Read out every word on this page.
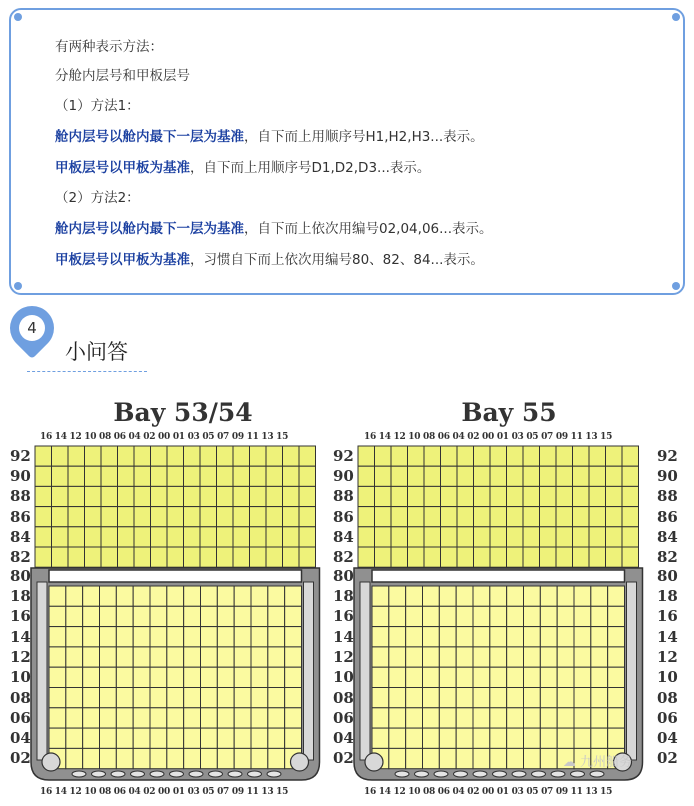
有两种表示方法：
分舱内层号和甲板层号
（1）方法1：
舱内层号以舱内最下一层为基准，自下而上用顺序号H1,H2,H3...表示。
甲板层号以甲板为基准，自下而上用顺序号D1,D2,D3...表示。
（2）方法2：
舱内层号以舱内最下一层为基准，自下而上依次用编号02,04,06...表示。
甲板层号以甲板为基准，习惯自下而上依次用编号80、82、84...表示。
4
小问答
Bay 53/54	Bay 55
16 14 12 10 08 06 04 02 00 01 03 05 07 09 11 13 15	16 14 12 10 08 06 04 02 00 01 03 05 07 09 11 13 15
16 14 12 10 08 06 04 02 00 01 03 05 07 09 11 13 15	16 14 12 10 08 06 04 02 00 01 03 05 07 09 11 13 15
92
90
88
86
84
82
80
18
16
14
12
10
08
06
04
02
92
90
88
86
84
82
80
18
16
14
12
10
08
06
04
02
92
90
88
86
84
82
80
18
16
14
12
10
08
06
04
02
☁ 九州船务
